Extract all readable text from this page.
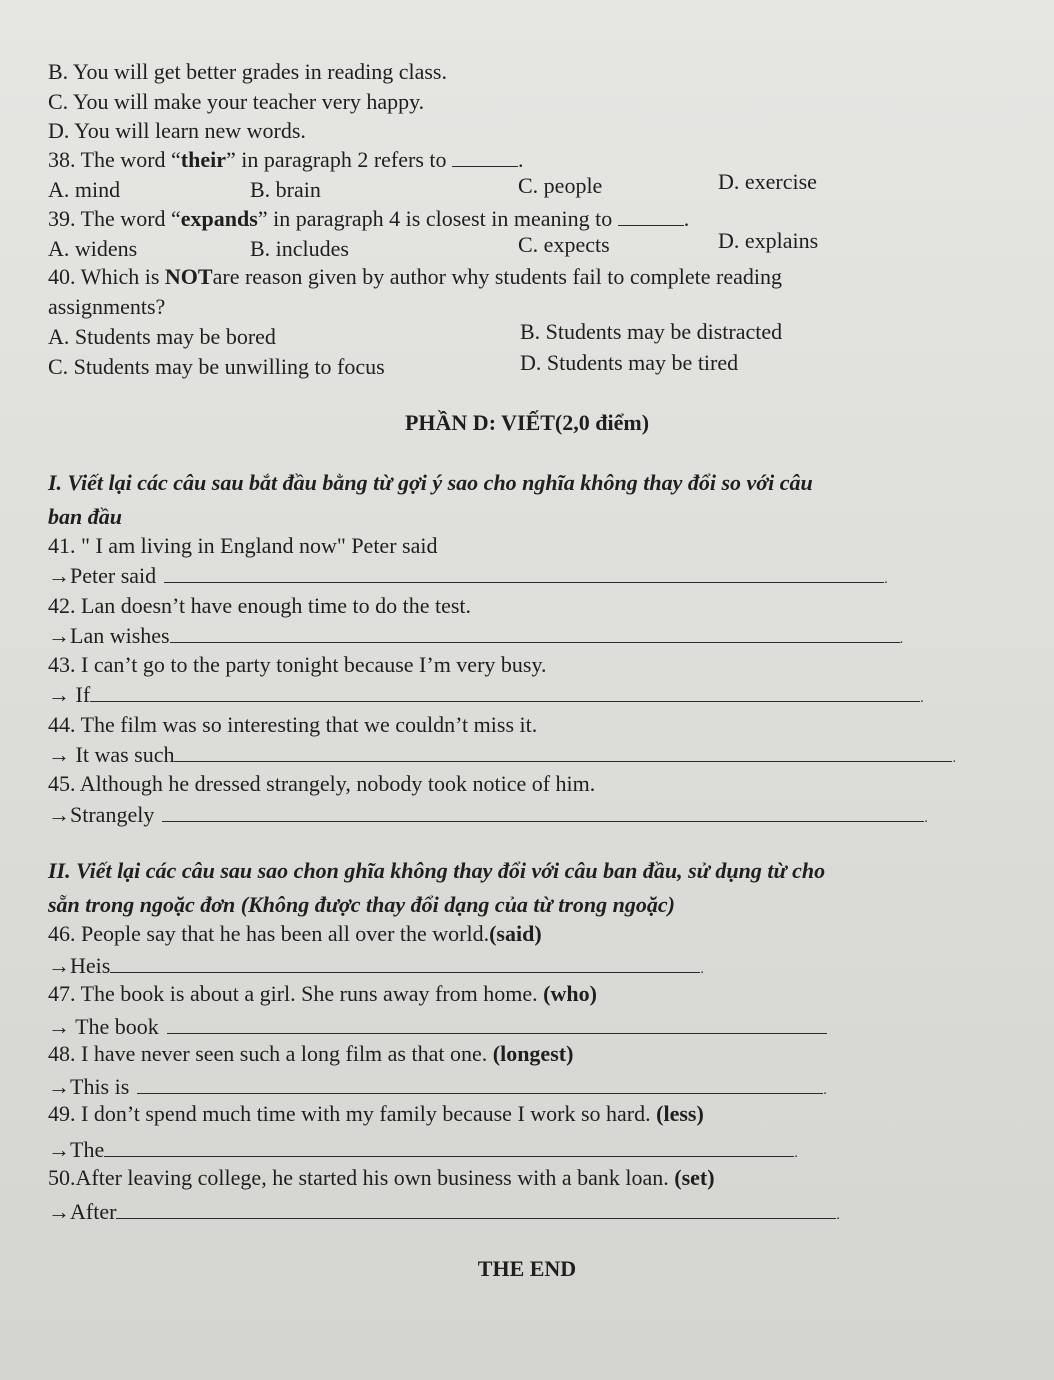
B. You will get better grades in reading class.
C. You will make your teacher very happy.
D. You will learn new words.
38. The word “their” in paragraph 2 refers to	.
A. mind	B. brain	C. people	D. exercise
39. The word “expands” in paragraph 4 is closest in meaning to	.
A. widens	B. includes	C. expects	D. explains
40. Which is NOTare reason given by author why students fail to complete reading
assignments?
A. Students may be bored	B. Students may be distracted
C. Students may be unwilling to focus	D. Students may be tired
PHẦN D: VIẾT(2,0 điểm)
I. Viết lại các câu sau bắt đầu bằng từ gợi ý sao cho nghĩa không thay đổi so với câu
ban đầu
41. " I am living in England now" Peter said
→Peter said	.
42. Lan doesn’t have enough time to do the test.
→Lan wishes	.
43. I can’t go to the party tonight because I’m very busy.
→ If	.
44. The film was so interesting that we couldn’t miss it.
→ It was such	.
45. Although he dressed strangely, nobody took notice of him.
→Strangely	.
II. Viết lại các câu sau sao chon ghĩa không thay đổi với câu ban đầu, sử dụng từ cho
sẵn trong ngoặc đơn (Không được thay đổi dạng của từ trong ngoặc)
46. People say that he has been all over the world.(said)
→Heis	.
47. The book is about a girl. She runs away from home. (who)
→ The book
48. I have never seen such a long film as that one. (longest)
→This is	.
49. I don’t spend much time with my family because I work so hard. (less)
→The	.
50.After leaving college, he started his own business with a bank loan. (set)
→After	.
THE END
